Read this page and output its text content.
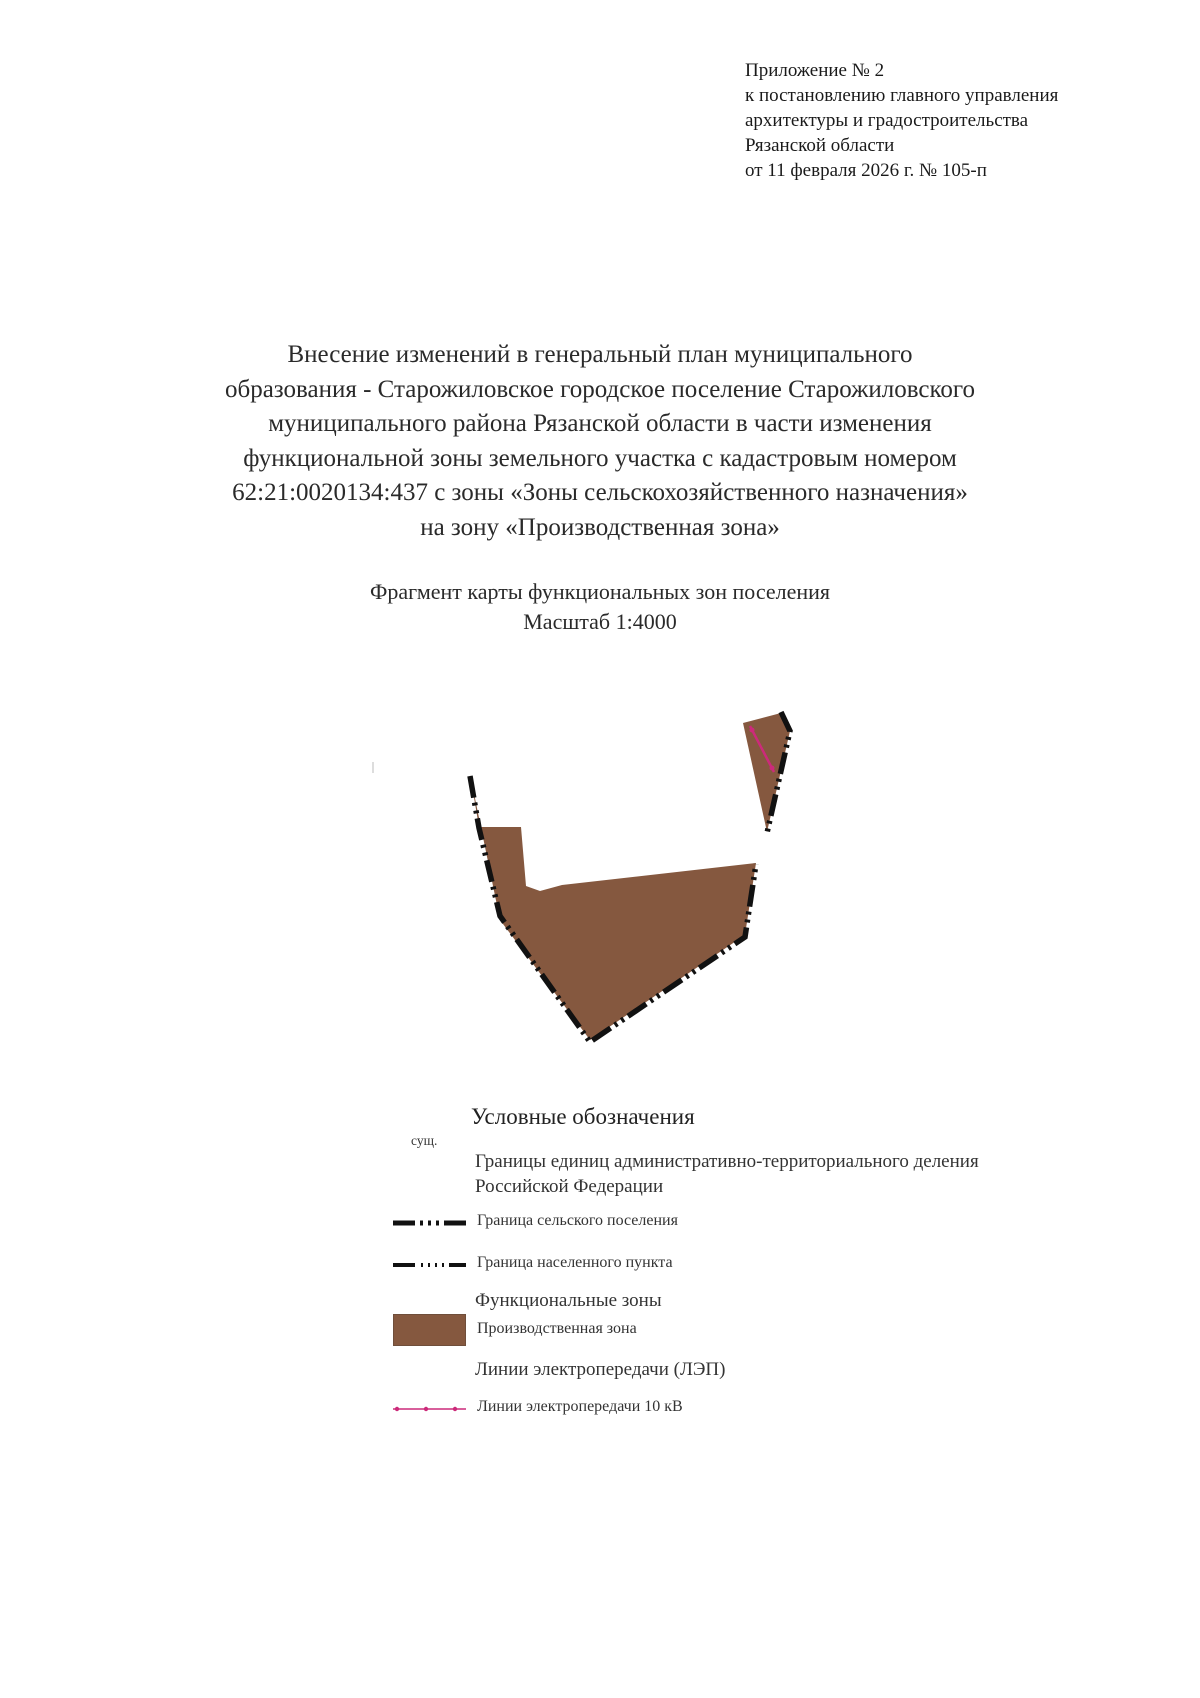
Приложение № 2
к постановлению главного управления
архитектуры и градостроительства
Рязанской области
от 11 февраля 2026 г. № 105-п
Внесение изменений в генеральный план муниципального
образования - Старожиловское городское поселение Старожиловского
муниципального района Рязанской области в части изменения
функциональной зоны земельного участка с кадастровым номером
62:21:0020134:437 с зоны «Зоны сельскохозяйственного назначения»
на зону «Производственная зона»
Фрагмент карты функциональных зон поселения
Масштаб 1:4000
Условные обозначения
сущ.
Границы единиц административно-территориального деления Российской Федерации
Граница сельского поселения
Граница населенного пункта
Функциональные зоны
Производственная зона
Линии электропередачи (ЛЭП)
Линии электропередачи 10 кВ
